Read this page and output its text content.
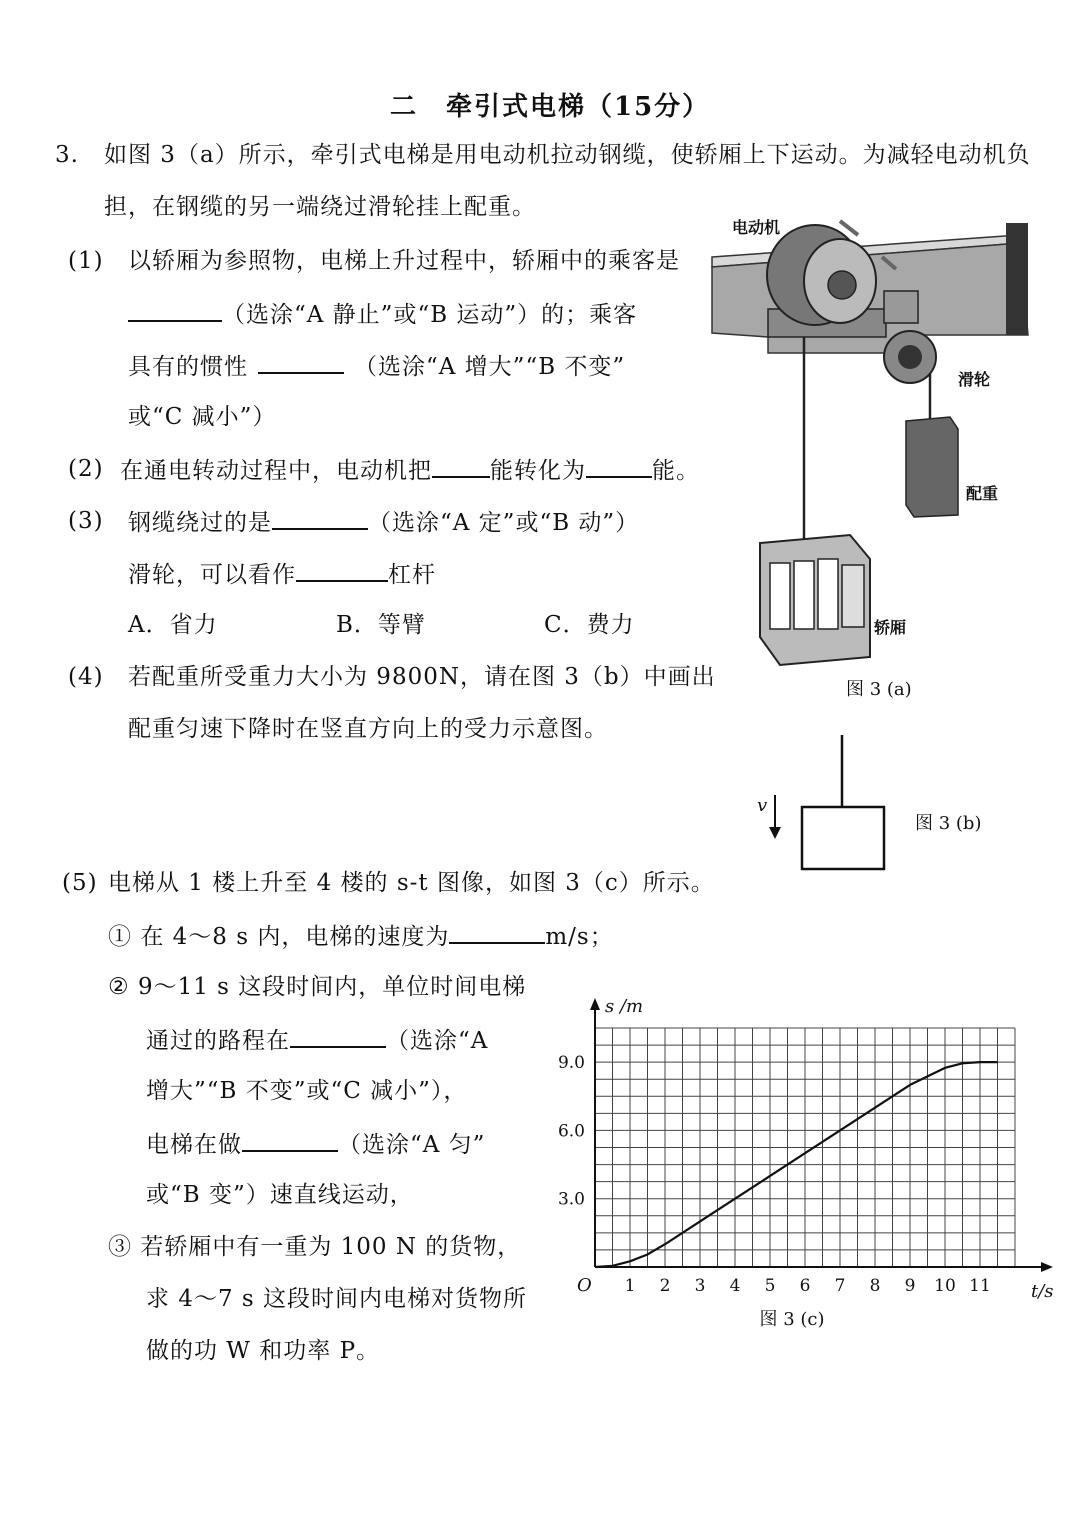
二　牵引式电梯（15分）
3. 如图 3（a）所示，牵引式电梯是用电动机拉动钢缆，使轿厢上下运动。为减轻电动机负
担，在钢缆的另一端绕过滑轮挂上配重。
(1) 以轿厢为参照物，电梯上升过程中，轿厢中的乘客是
（选涂“A 静止”或“B 运动”）的；乘客
具有的惯性	（选涂“A 增大”“B 不变”
或“C 减小”）
(2) 在通电转动过程中，电动机把	能转化为	能。
(3) 钢缆绕过的是	（选涂“A 定”或“B 动”）
滑轮，可以看作	杠杆
A．省力	B．等臂	C．费力
(4) 若配重所受重力大小为 9800N，请在图 3（b）中画出
配重匀速下降时在竖直方向上的受力示意图。
电动机
滑轮
配重
轿厢
图 3 (a)
v
图 3 (b)
(5) 电梯从 1 楼上升至 4 楼的 s-t 图像，如图 3（c）所示。
① 在 4～8 s 内，电梯的速度为	m/s；
② 9～11 s 这段时间内，单位时间电梯
通过的路程在	（选涂“A
增大”“B 不变”或“C 减小”），
电梯在做	（选涂“A 匀”
或“B 变”）速直线运动，
③ 若轿厢中有一重为 100 N 的货物，
求 4～7 s 这段时间内电梯对货物所
做的功 W 和功率 P。
1 2 3 4 5 6 7 8 9 10 11
3.0
6.0
9.0
s /m
t/s
O
图 3 (c)
